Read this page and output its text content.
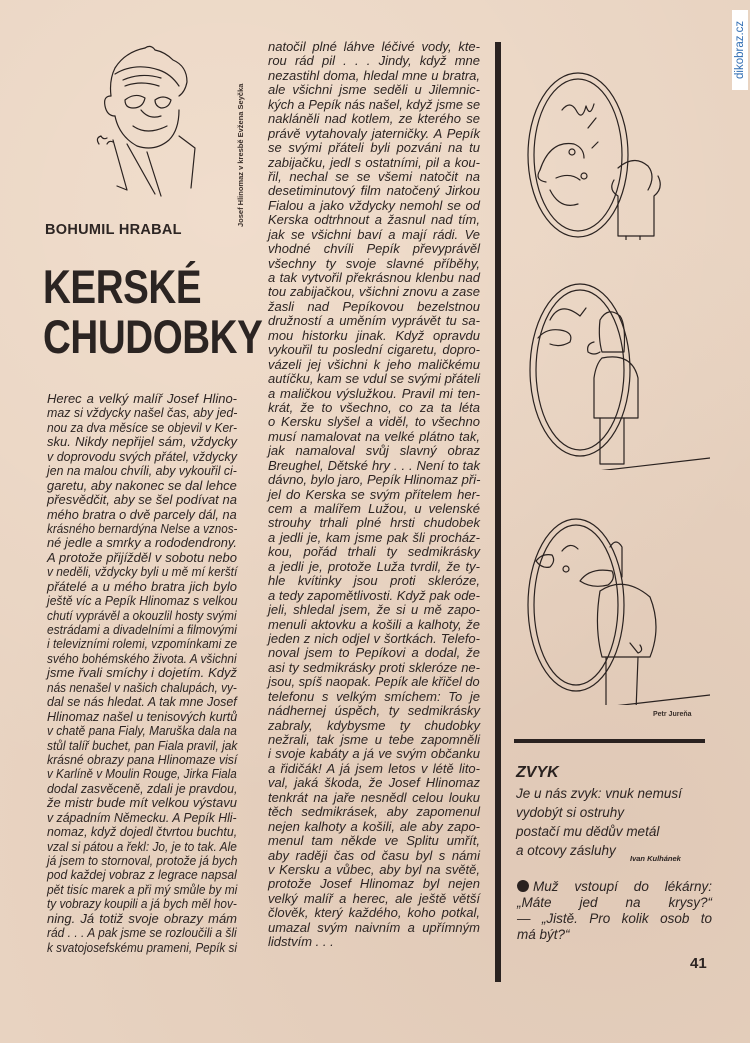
dikobraz.cz
Josef Hlinomaz v kresbě Evžena Seyčka
BOHUMIL HRABAL
KERSKÉ
CHUDOBKY
Herec a velký malíř Josef Hlino-
maz si vždycky našel čas, aby jed-
nou za dva měsíce se objevil v Ker-
sku. Nikdy nepřijel sám, vždycky
v doprovodu svých přátel, vždycky
jen na malou chvíli, aby vykouřil ci-
garetu, aby nakonec se dal lehce
přesvědčit, aby se šel podívat na
mého bratra o dvě parcely dál, na
krásného bernardýna Nelse a vznos-
né jedle a smrky a rododendrony.
A protože přijížděl v sobotu nebo
v neděli, vždycky byli u mě mí kerští
přátelé a u mého bratra jich bylo
ještě víc a Pepík Hlinomaz s velkou
chutí vyprávěl a okouzlil hosty svými
estrádami a divadelními a filmovými
i televizními rolemi, vzpomínkami ze
svého bohémského života. A všichni
jsme řvali smíchy i dojetím. Když
nás nenašel v našich chalupách, vy-
dal se nás hledat. A tak mne Josef
Hlinomaz našel u tenisových kurtů
v chatě pana Fialy, Maruška dala na
stůl talíř buchet, pan Fiala pravil, jak
krásné obrazy pana Hlinomaze visí
v Karlíně v Moulin Rouge, Jirka Fiala
dodal zasvěceně, zdali je pravdou,
že mistr bude mít velkou výstavu
v západním Německu. A Pepík Hli-
nomaz, když dojedl čtvrtou buchtu,
vzal si pátou a řekl: Jo, je to tak. Ale
já jsem to stornoval, protože já bych
pod každej vobraz z legrace napsal
pět tisíc marek a při mý smůle by mi
ty vobrazy koupili a já bych měl hov-
ning. Já totiž svoje obrazy mám
rád . . . A pak jsme se rozloučili a šli
k svatojosefskému prameni, Pepík si
natočil plné láhve léčivé vody, kte-
rou rád pil . . . Jindy, když mne
nezastihl doma, hledal mne u bratra,
ale všichni jsme seděli u Jilemnic-
kých a Pepík nás našel, když jsme se
nakláněli nad kotlem, ze kterého se
právě vytahovaly jaterničky. A Pepík
se svými přáteli byli pozváni na tu
zabijačku, jedl s ostatními, pil a kou-
řil, nechal se se všemi natočit na
desetiminutový film natočený Jirkou
Fialou a jako vždycky nemohl se od
Kerska odtrhnout a žasnul nad tím,
jak se všichni baví a mají rádi. Ve
vhodné chvíli Pepík převyprávěl
všechny ty svoje slavné příběhy,
a tak vytvořil překrásnou klenbu nad
tou zabijačkou, všichni znovu a zase
žasli nad Pepíkovou bezelstnou
družností a uměním vyprávět tu sa-
mou historku jinak. Když opravdu
vykouřil tu poslední cigaretu, dopro-
vázeli jej všichni k jeho maličkému
autíčku, kam se vdul se svými přáteli
a maličkou výslužkou. Pravil mi ten-
krát, že to všechno, co za ta léta
o Kersku slyšel a viděl, to všechno
musí namalovat na velké plátno tak,
jak namaloval svůj slavný obraz
Breughel, Dětské hry . . . Není to tak
dávno, bylo jaro, Pepík Hlinomaz při-
jel do Kerska se svým přítelem her-
cem a malířem Lužou, u velenské
strouhy trhali plné hrsti chudobek
a jedli je, kam jsme pak šli procház-
kou, pořád trhali ty sedmikrásky
a jedli je, protože Luža tvrdil, že ty-
hle kvítinky jsou proti skleróze,
a tedy zapomětlivosti. Když pak ode-
jeli, shledal jsem, že si u mě zapo-
menuli aktovku a košili a kalhoty, že
jeden z nich odjel v šortkách. Telefo-
noval jsem to Pepíkovi a dodal, že
asi ty sedmikrásky proti skleróze ne-
jsou, spíš naopak. Pepík ale křičel do
telefonu s velkým smíchem: To je
nádhernej úspěch, ty sedmikrásky
zabraly, kdybysme ty chudobky
nežrali, tak jsme u tebe zapomněli
i svoje kabáty a já ve svým občanku
a řidičák! A já jsem letos v létě lito-
val, jaká škoda, že Josef Hlinomaz
tenkrát na jaře nesnědl celou louku
těch sedmikrásek, aby zapomenul
nejen kalhoty a košili, ale aby zapo-
menul tam někde ve Splitu umřít,
aby raději čas od času byl s námi
v Kersku a vůbec, aby byl na světě,
protože Josef Hlinomaz byl nejen
velký malíř a herec, ale ještě větší
člověk, který každého, koho potkal,
umazal svým naivním a upřímným
lidstvím . . .
Petr Jureňa
ZVYK
Je u nás zvyk: vnuk nemusí
vydobýt si ostruhy
postačí mu dědův metál
a otcovy zásluhy
Ivan Kulhánek
Muž vstoupí do lékárny:
„Máte jed na krysy?“
— „Jistě. Pro kolik osob to
má být?“
41
